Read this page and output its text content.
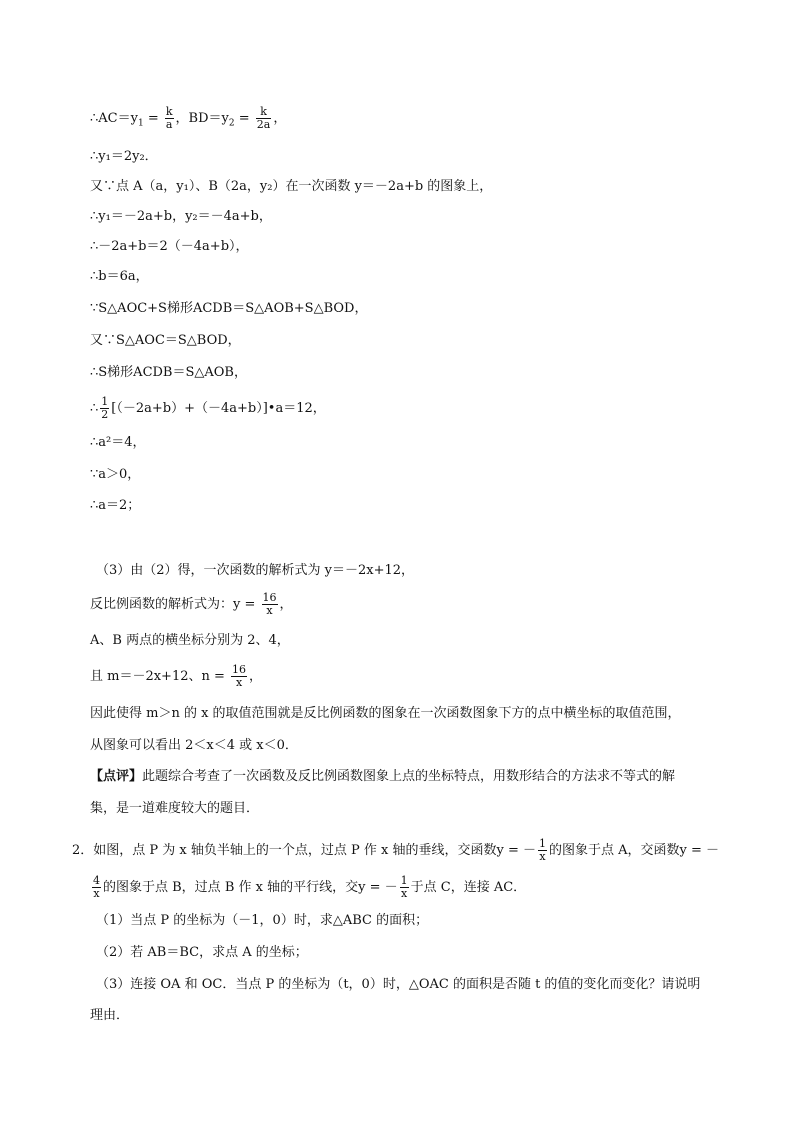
$\therefore AC=y_1 = \frac{k}{a}$ ，$BD=y_2 = \frac{k}{2a}$ ，
∴y₁＝2y₂．
又∵点 A（a，y₁）、B（2a，y₂）在一次函数 y＝－2a+b 的图象上，
∴y₁＝－2a+b，y₂＝－4a+b，
∴－2a+b＝2（－4a+b），
∴b＝6a，
∵S△AOC+S梯形ACDB＝S△AOB+S△BOD，
又∵S△AOC＝S△BOD，
∴S梯形ACDB＝S△AOB，
∴ $\frac{1}{2}$ [（－2a+b）+（－4a+b）]•a＝12，
∴a²＝4，
∵a＞0，
∴a＝2；
（3）由（2）得，一次函数的解析式为 y＝－2x+12，
反比例函数的解析式为：$y = \frac{16}{x}$ ，
A、B 两点的横坐标分别为 2、4，
且 m＝－2x+12、$n = \frac{16}{x}$ ，
因此使得 m＞n 的 x 的取值范围就是反比例函数的图象在一次函数图象下方的点中横坐标的取值范围，
从图象可以看出 2＜x＜4 或 x＜0．
【点评】此题综合考查了一次函数及反比例函数图象上点的坐标特点，用数形结合的方法求不等式的解
集，是一道难度较大的题目．
2．如图，点 P 为 x 轴负半轴上的一个点，过点 P 作 x 轴的垂线，交函数y = － $\frac{1}{x}$ 的图象于点 A，交函数y = －
$\frac{4}{x}$ 的图象于点 B，过点 B 作 x 轴的平行线，交y = － $\frac{1}{x}$ 于点 C，连接 AC．
（1）当点 P 的坐标为（－1，0）时，求△ABC 的面积；
（2）若 AB＝BC，求点 A 的坐标；
（3）连接 OA 和 OC．当点 P 的坐标为（t，0）时，△OAC 的面积是否随 t 的值的变化而变化？请说明
理由．
